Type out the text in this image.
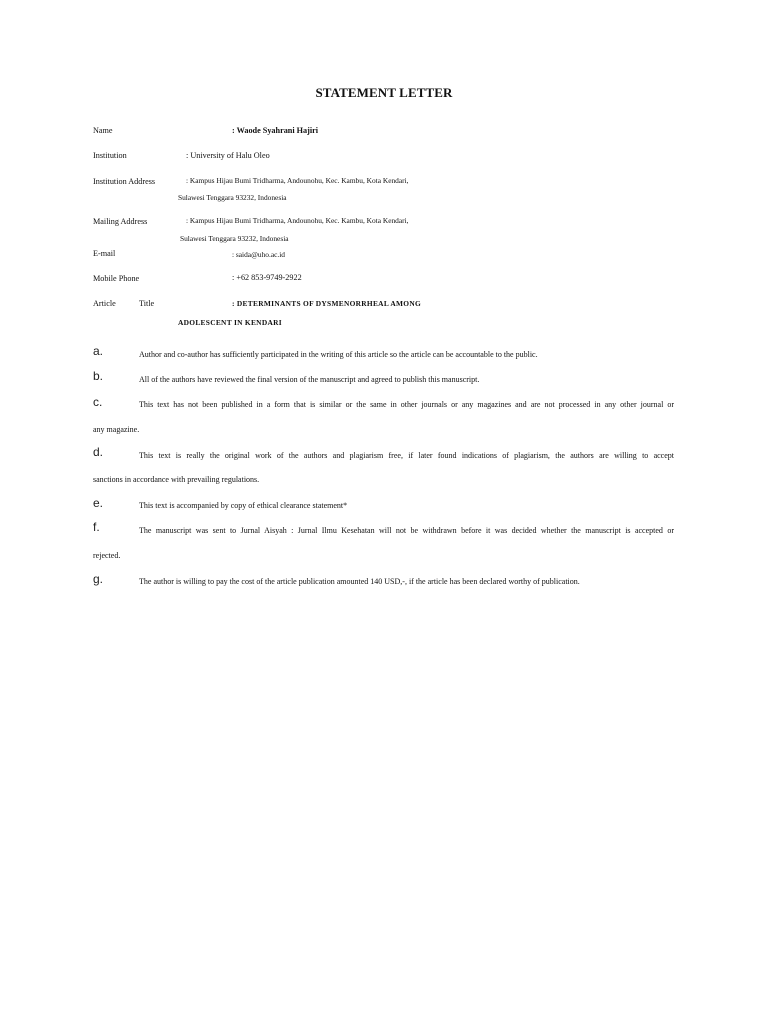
STATEMENT LETTER
Name	: Waode Syahrani Hajiri
Institution	: University of Halu Oleo
Institution Address	: Kampus Hijau Bumi Tridharma, Andounohu, Kec. Kambu, Kota Kendari,
Sulawesi Tenggara 93232, Indonesia
Mailing Address	: Kampus Hijau Bumi Tridharma, Andounohu, Kec. Kambu, Kota Kendari,
Sulawesi Tenggara 93232, Indonesia
E-mail	: saida@uho.ac.id
Mobile Phone	: +62 853-9749-2922
Article	Title	: DETERMINANTS OF DYSMENORRHEAL AMONG
ADOLESCENT IN KENDARI
a.	Author and co-author has sufficiently participated in the writing of this article so the article can be accountable to the public.
b.	All of the authors have reviewed the final version of the manuscript and agreed to publish this manuscript.
c.	This text has not been published in a form that is similar or the same in other journals or any magazines and are not processed in any other journal or
any magazine.
d.	This text is really the original work of the authors and plagiarism free, if later found indications of plagiarism, the authors are willing to accept
sanctions in accordance with prevailing regulations.
e.	This text is accompanied by copy of ethical clearance statement*
f.	The manuscript was sent to Jurnal Aisyah : Jurnal Ilmu Kesehatan will not be withdrawn before it was decided whether the manuscript is accepted or
rejected.
g.	The author is willing to pay the cost of the article publication amounted 140 USD,-, if the article has been declared worthy of publication.
